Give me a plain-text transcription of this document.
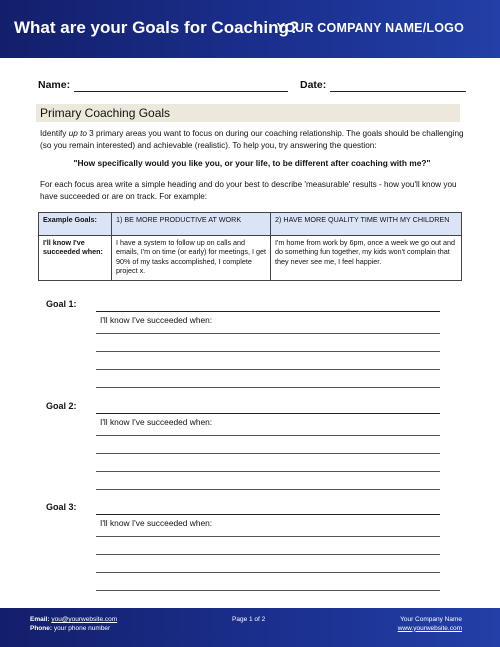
What are your Goals for Coaching?
YOUR COMPANY NAME/LOGO
Name:	Date:
Primary Coaching Goals
Identify up to 3 primary areas you want to focus on during our coaching relationship. The goals should be challenging (so you remain interested) and achievable (realistic). To help you, try answering the question:
"How specifically would you like you, or your life, to be different after coaching with me?"
For each focus area write a simple heading and do your best to describe 'measurable' results - how you'll know you have succeeded or are on track. For example:
Example Goals:	1) BE MORE PRODUCTIVE AT WORK	2) HAVE MORE QUALITY TIME WITH MY CHILDREN
I'll know I've succeeded when:	I have a system to follow up on calls and emails, I'm on time (or early) for meetings, I get 90% of my tasks accomplished, I complete project x.	I'm home from work by 6pm, once a week we go out and do something fun together, my kids won't complain that they never see me, I feel happier.
Goal 1:
I'll know I've succeeded when:
Goal 2:
I'll know I've succeeded when:
Goal 3:
I'll know I've succeeded when:
Email: you@yourwebsite.com
Phone: your phone number
Page 1 of 2	Your Company Name
www.yourwebsite.com
